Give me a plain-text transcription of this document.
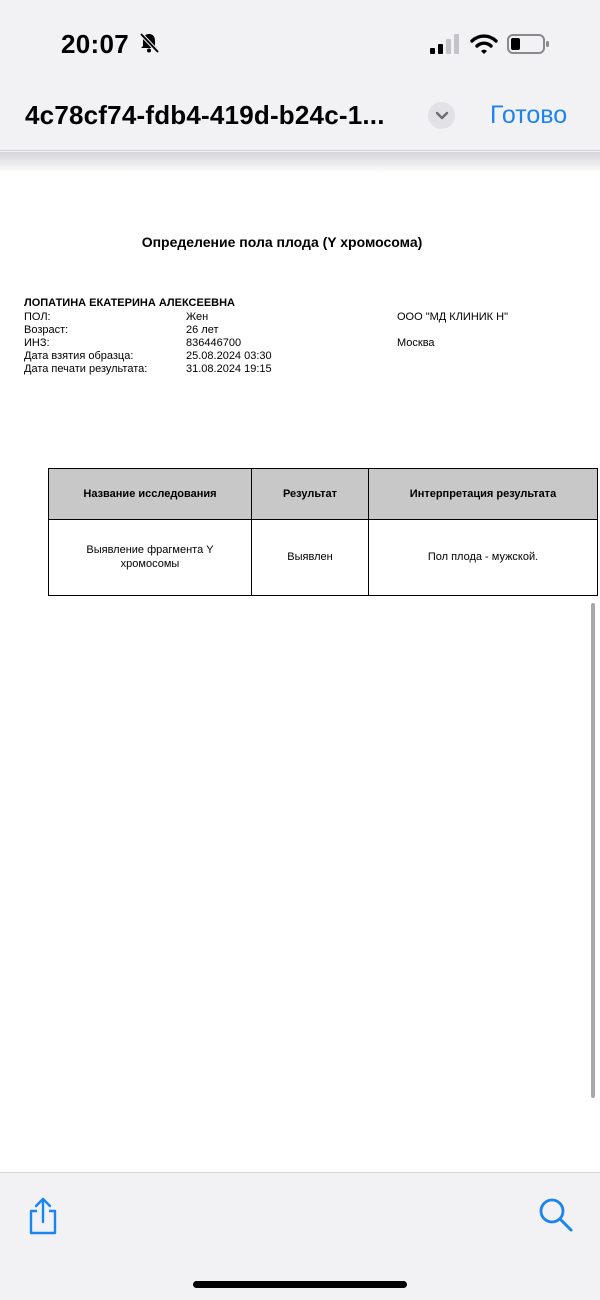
20:07
4c78cf74-fdb4-419d-b24c-1...	Готово
Определение пола плода (Y хромосома)
ЛОПАТИНА ЕКАТЕРИНА АЛЕКСЕЕВНА
ПОЛ:	Жен
Возраст:	26 лет
ИНЗ:	836446700
Дата взятия образца:	25.08.2024 03:30
Дата печати результата:	31.08.2024 19:15
ООО "МД КЛИНИК Н"
Москва
Название исследования	Результат	Интерпретация результата
Выявление фрагмента Y хромосомы	Выявлен	Пол плода - мужской.
